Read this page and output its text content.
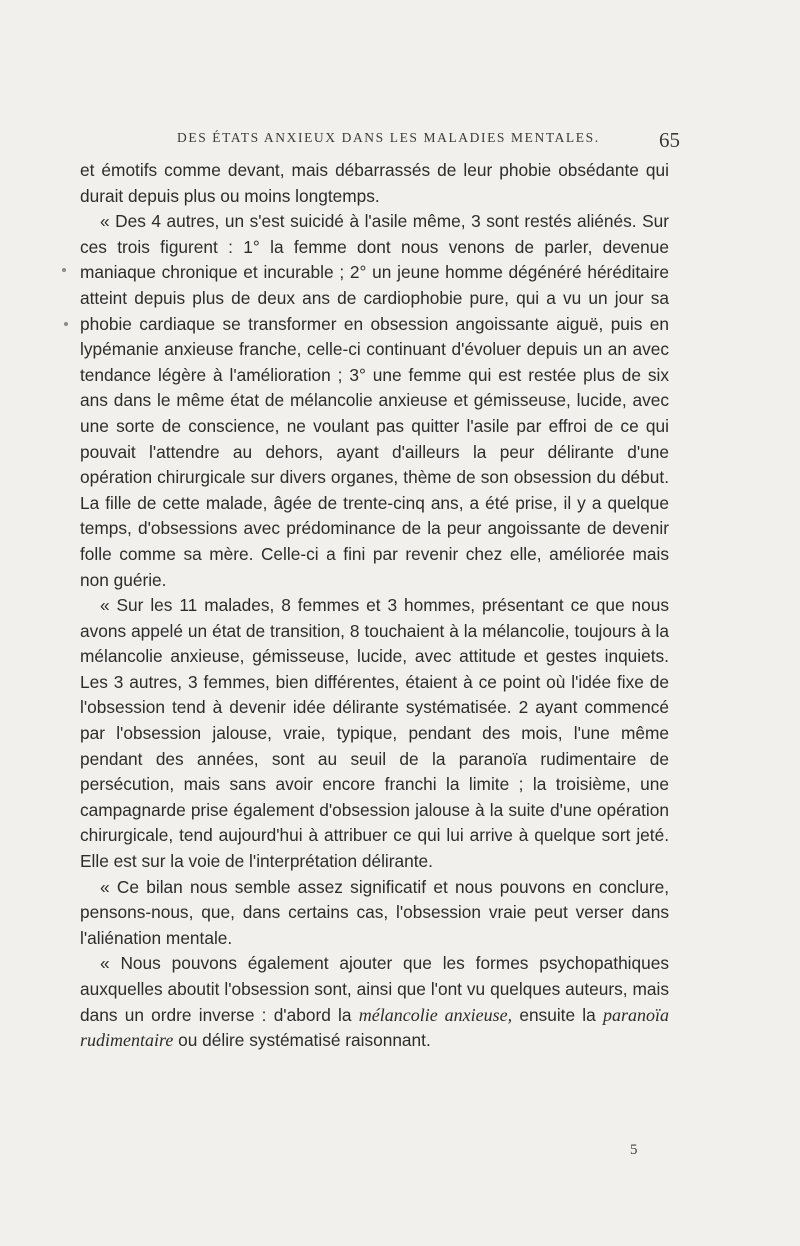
DES ÉTATS ANXIEUX DANS LES MALADIES MENTALES.	65

et émotifs comme devant, mais débarrassés de leur phobie obsédante qui durait depuis plus ou moins longtemps.

« Des 4 autres, un s'est suicidé à l'asile même, 3 sont restés aliénés. Sur ces trois figurent : 1° la femme dont nous venons de parler, devenue maniaque chronique et incurable ; 2° un jeune homme dégénéré héréditaire atteint depuis plus de deux ans de cardiophobie pure, qui a vu un jour sa phobie cardiaque se transformer en obsession angoissante aiguë, puis en lypémanie anxieuse franche, celle-ci continuant d'évoluer depuis un an avec tendance légère à l'amélioration ; 3° une femme qui est restée plus de six ans dans le même état de mélancolie anxieuse et gémisseuse, lucide, avec une sorte de conscience, ne voulant pas quitter l'asile par effroi de ce qui pouvait l'attendre au dehors, ayant d'ailleurs la peur délirante d'une opération chirurgicale sur divers organes, thème de son obsession du début. La fille de cette malade, âgée de trente-cinq ans, a été prise, il y a quelque temps, d'obsessions avec prédominance de la peur angoissante de devenir folle comme sa mère. Celle-ci a fini par revenir chez elle, améliorée mais non guérie.

« Sur les 11 malades, 8 femmes et 3 hommes, présentant ce que nous avons appelé un état de transition, 8 touchaient à la mélancolie, toujours à la mélancolie anxieuse, gémisseuse, lucide, avec attitude et gestes inquiets. Les 3 autres, 3 femmes, bien différentes, étaient à ce point où l'idée fixe de l'obsession tend à devenir idée délirante systématisée. 2 ayant commencé par l'obsession jalouse, vraie, typique, pendant des mois, l'une même pendant des années, sont au seuil de la paranoïa rudimentaire de persécution, mais sans avoir encore franchi la limite ; la troisième, une campagnarde prise également d'obsession jalouse à la suite d'une opération chirurgicale, tend aujourd'hui à attribuer ce qui lui arrive à quelque sort jeté. Elle est sur la voie de l'interprétation délirante.

« Ce bilan nous semble assez significatif et nous pouvons en conclure, pensons-nous, que, dans certains cas, l'obsession vraie peut verser dans l'aliénation mentale.

« Nous pouvons également ajouter que les formes psychopathiques auxquelles aboutit l'obsession sont, ainsi que l'ont vu quelques auteurs, mais dans un ordre inverse : d'abord la mélancolie anxieuse, ensuite la paranoïa rudimentaire ou délire systématisé raisonnant.

5
